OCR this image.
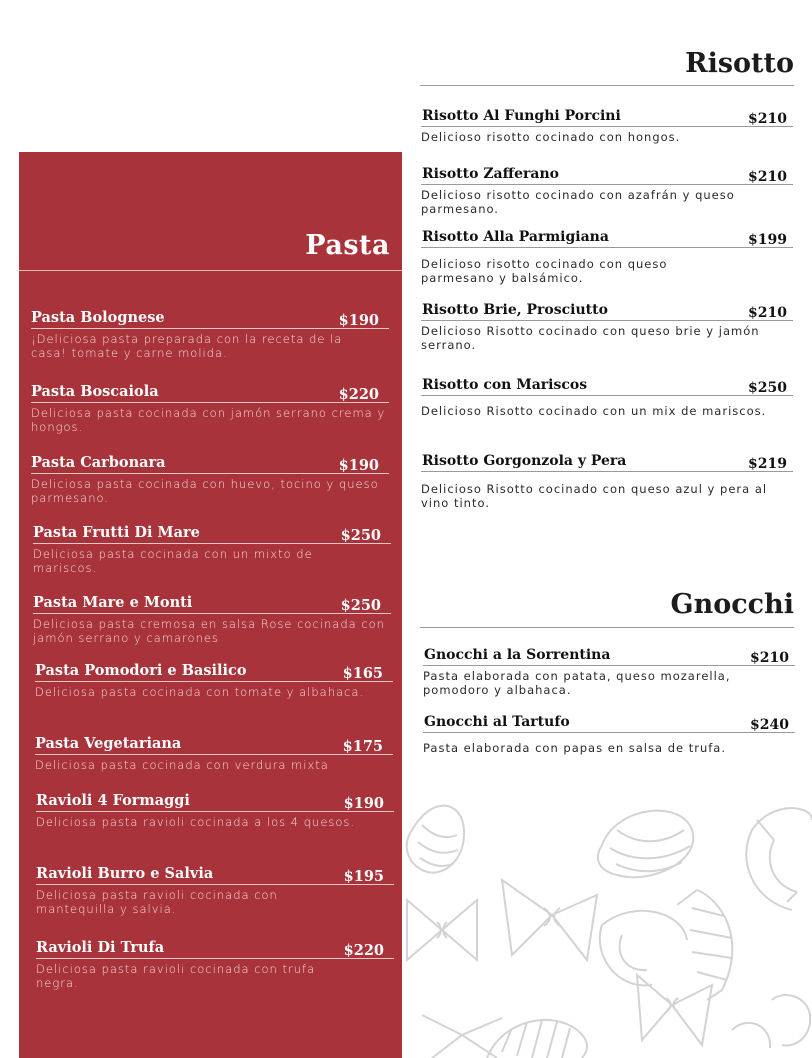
Pasta
Pasta Bolognese	$190
¡Deliciosa pasta preparada con la receta de la casa! tomate y carne molida.
Pasta Boscaiola	$220
Deliciosa pasta cocinada con jamón serrano crema y hongos.
Pasta Carbonara	$190
Deliciosa pasta cocinada con huevo, tocino y queso parmesano.
Pasta Frutti Di Mare	$250
Deliciosa pasta cocinada con un mixto de mariscos.
Pasta Mare e Monti	$250
Deliciosa pasta cremosa en salsa Rose cocinada con jamón serrano y camarones
Pasta Pomodori e Basilico	$165
Deliciosa pasta cocinada con tomate y albahaca.
Pasta Vegetariana	$175
Deliciosa pasta cocinada con verdura mixta
Ravioli 4 Formaggi	$190
Deliciosa pasta ravioli cocinada a los 4 quesos.
Ravioli Burro e Salvia	$195
Deliciosa pasta ravioli cocinada con mantequilla y salvia.
Ravioli Di Trufa	$220
Deliciosa pasta ravioli cocinada con trufa negra.
Risotto
Risotto Al Funghi Porcini	$210
Delicioso risotto cocinado con hongos.
Risotto Zafferano	$210
Delicioso risotto cocinado con azafrán y queso parmesano.
Risotto Alla Parmigiana	$199
Delicioso risotto cocinado con queso parmesano y balsámico.
Risotto Brie, Prosciutto	$210
Delicioso Risotto cocinado con queso brie y jamón serrano.
Risotto con Mariscos	$250
Delicioso Risotto cocinado con un mix de mariscos.
Risotto Gorgonzola y Pera	$219
Delicioso Risotto cocinado con queso azul y pera al vino tinto.
Gnocchi
Gnocchi a la Sorrentina	$210
Pasta elaborada con patata, queso mozarella, pomodoro y albahaca.
Gnocchi al Tartufo	$240
Pasta elaborada con papas en salsa de trufa.
